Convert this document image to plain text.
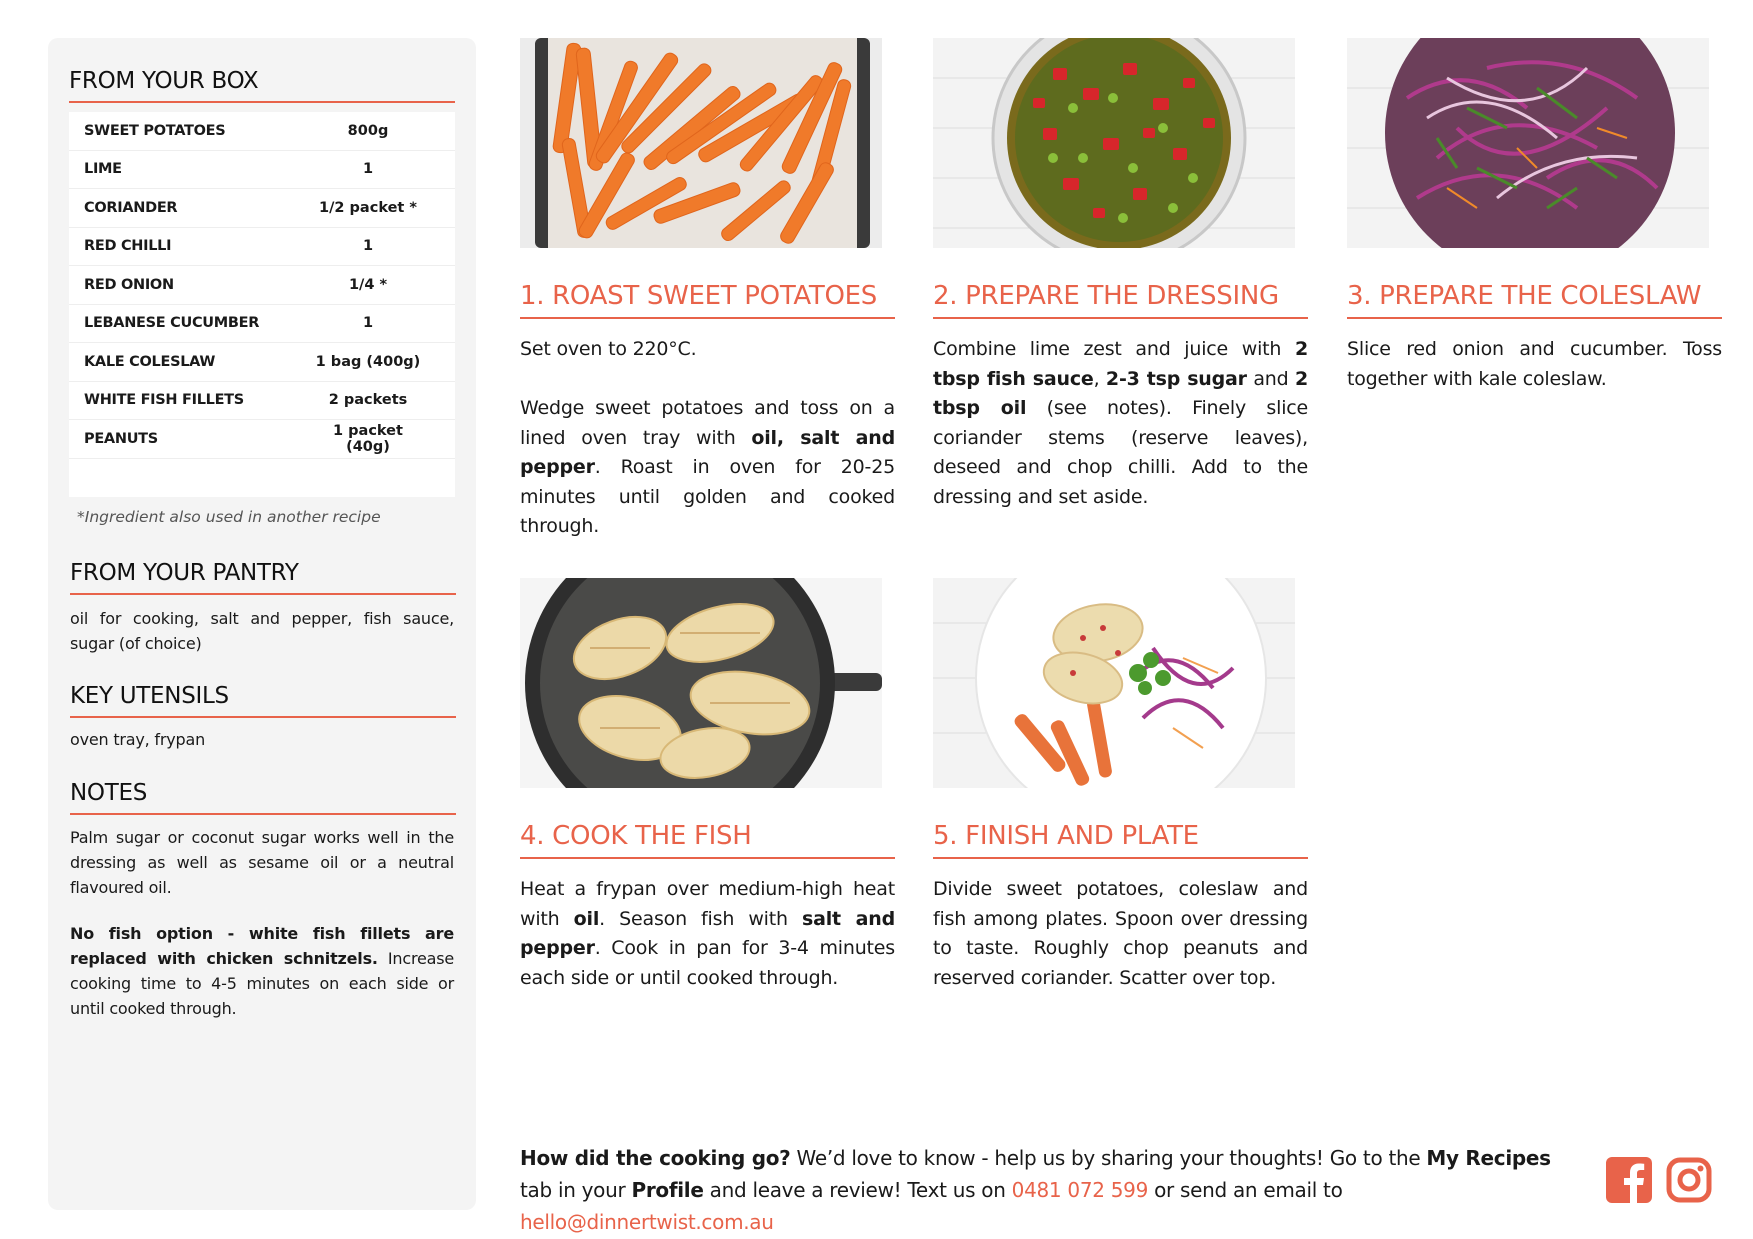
FROM YOUR BOX
SWEET POTATOES	800g
LIME	1
CORIANDER	1/2 packet *
RED CHILLI	1
RED ONION	1/4 *
LEBANESE CUCUMBER	1
KALE COLESLAW	1 bag (400g)
WHITE FISH FILLETS	2 packets
PEANUTS	1 packet (40g)
*Ingredient also used in another recipe
FROM YOUR PANTRY
oil for cooking, salt and pepper, fish sauce, sugar (of choice)
KEY UTENSILS
oven tray, frypan
NOTES
Palm sugar or coconut sugar works well in the dressing as well as sesame oil or a neutral flavoured oil.
No fish option - white fish fillets are replaced with chicken schnitzels. Increase cooking time to 4-5 minutes on each side or until cooked through.
1. ROAST SWEET POTATOES

Set oven to 220°C.

Wedge sweet potatoes and toss on a lined oven tray with oil, salt and pepper. Roast in oven for 20-25 minutes until golden and cooked through.

2. PREPARE THE DRESSING

Combine lime zest and juice with 2 tbsp fish sauce, 2-3 tsp sugar and 2 tbsp oil (see notes). Finely slice coriander stems (reserve leaves), deseed and chop chilli. Add to the dressing and set aside.

3. PREPARE THE COLESLAW

Slice red onion and cucumber. Toss together with kale coleslaw.

4. COOK THE FISH

Heat a frypan over medium-high heat with oil. Season fish with salt and pepper. Cook in pan for 3-4 minutes each side or until cooked through.

5. FINISH AND PLATE

Divide sweet potatoes, coleslaw and fish among plates. Spoon over dressing to taste. Roughly chop peanuts and reserved coriander. Scatter over top.

How did the cooking go? We’d love to know - help us by sharing your thoughts! Go to the My Recipes tab in your Profile and leave a review! Text us on 0481 072 599 or send an email to hello@dinnertwist.com.au
